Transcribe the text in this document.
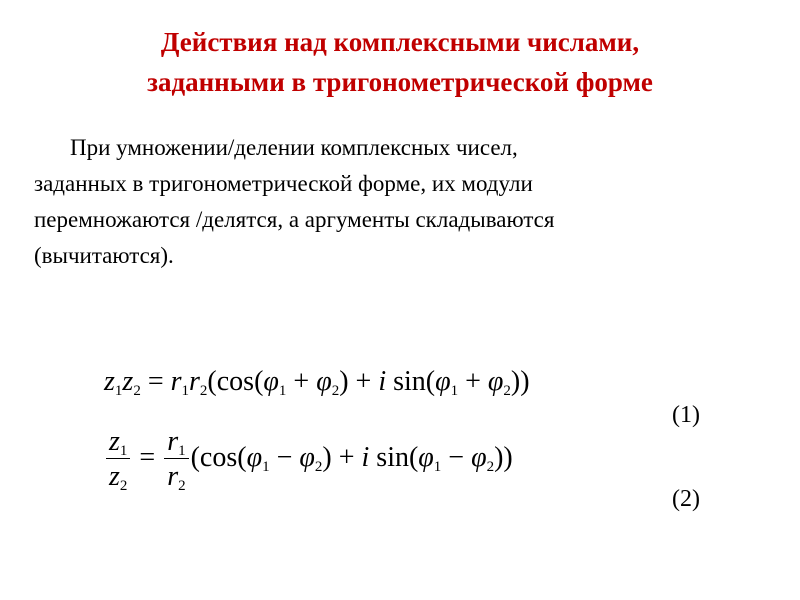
Действия над комплексными числами,
заданными в тригонометрической форме
При умножении/делении комплексных чисел,
заданных в тригонометрической форме, их модули
перемножаются /делятся, а аргументы складываются
(вычитаются).
$z_1z_2 = r_1r_2(\cos(\varphi_1 + \varphi_2) + i$ $\sin(\varphi_1 + \varphi_2)$)
(1)
$\frac{z_1}{z_2} = \frac{r_1}{r_2} (\cos(\varphi_1 - \varphi_2) + i$ $\sin(\varphi_1 - \varphi_2)$)
(2)
